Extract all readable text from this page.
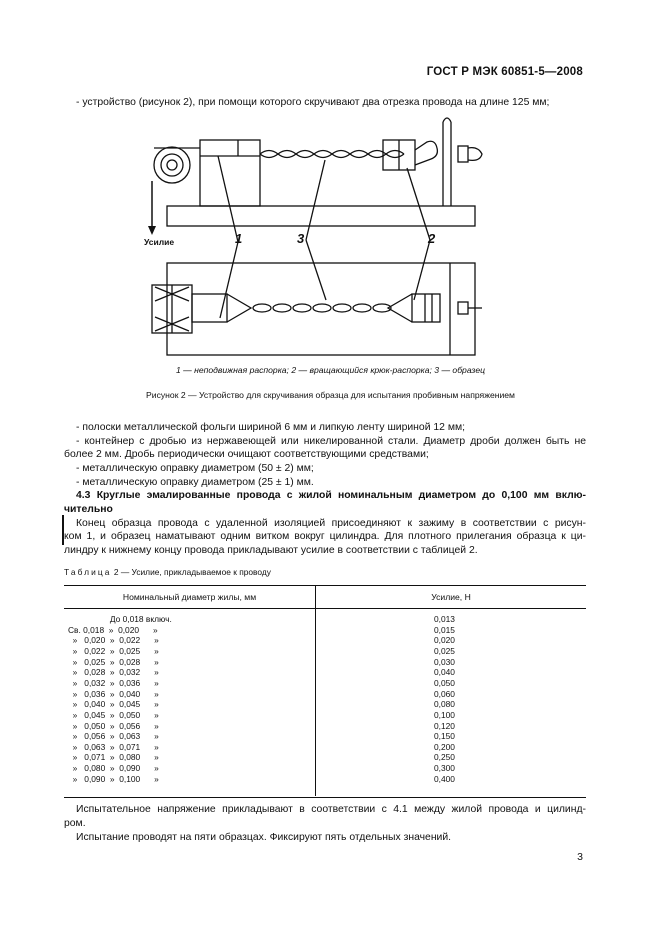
ГОСТ Р МЭК 60851-5—2008
- устройство (рисунок 2), при помощи которого скручивают два отрезка провода на длине 125 мм;
Усилие	1	3	2
1 — неподвижная распорка; 2 — вращающийся крюк-распорка; 3 — образец
Рисунок 2 — Устройство для скручивания образца для испытания пробивным напряжением
- полоски металлической фольги шириной 6 мм и липкую ленту шириной 12 мм;
- контейнер с дробью из нержавеющей или никелированной стали. Диаметр дроби должен быть не
более 2 мм. Дробь периодически очищают соответствующими средствами;
- металлическую оправку диаметром (50 ± 2) мм;
- металлическую оправку диаметром (25 ± 1) мм.
4.3 Круглые эмалированные провода с жилой номинальным диаметром до 0,100 мм вклю-
чительно
Конец образца провода с удаленной изоляцией присоединяют к зажиму в соответствии с рисун-
ком 1, и образец наматывают одним витком вокруг цилиндра. Для плотного прилегания образца к ци-
линдру к нижнему концу провода прикладывают усилие в соответствии с таблицей 2.
Таблица 2 — Усилие, прикладываемое к проводу
Номинальный диаметр жилы, мм	Усилие, Н
До 0,018 включ.	0,013
Св. 0,018  »  0,020      »	0,015
»   0,020  »  0,022      »	0,020
»   0,022  »  0,025      »	0,025
»   0,025  »  0,028      »	0,030
»   0,028  »  0,032      »	0,040
»   0,032  »  0,036      »	0,050
»   0,036  »  0,040      »	0,060
»   0,040  »  0,045      »	0,080
»   0,045  »  0,050      »	0,100
»   0,050  »  0,056      »	0,120
»   0,056  »  0,063      »	0,150
»   0,063  »  0,071      »	0,200
»   0,071  »  0,080      »	0,250
»   0,080  »  0,090      »	0,300
»   0,090  »  0,100      »	0,400
Испытательное напряжение прикладывают в соответствии с 4.1 между жилой провода и цилинд-
ром.
Испытание проводят на пяти образцах. Фиксируют пять отдельных значений.
3
